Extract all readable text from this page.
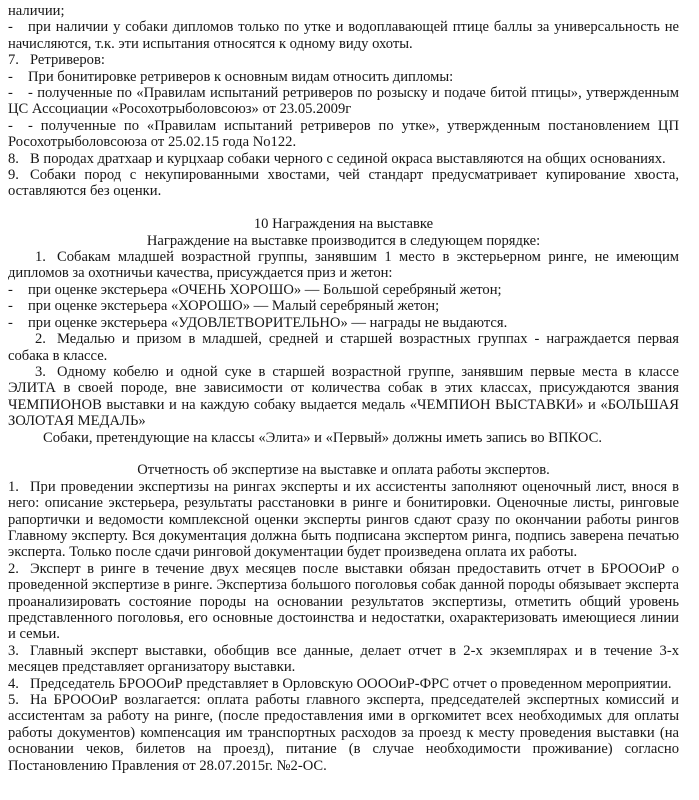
наличии;

- при наличии у собаки дипломов только по утке и водоплавающей птице баллы за универсальность не начисляются, т.к. эти испытания относятся к одному виду охоты.

7. Ретриверов:

- При бонитировке ретриверов к основным видам относить дипломы:

- - полученные по «Правилам испытаний ретриверов по розыску и подаче битой птицы», утвержденным ЦС Ассоциации «Росохотрыболовсоюз» от 23.05.2009г

- - полученные по «Правилам испытаний ретриверов по утке», утвержденным постановлением ЦП Росохотрыболовсоюза от 25.02.15 года No122.

8. В породах дратхаар и курцхаар собаки черного с сединой окраса выставляются на общих основаниях.

9. Собаки пород с некупированными хвостами, чей стандарт предусматривает купирование хвоста, оставляются без оценки.

10 Награждения на выставке

Награждение на выставке производится в следующем порядке:

1. Собакам младшей возрастной группы, занявшим 1 место в экстерьерном ринге, не имеющим дипломов за охотничьи качества, присуждается приз и жетон:

- при оценке экстерьера «ОЧЕНЬ ХОРОШО» — Большой серебряный жетон;

- при оценке экстерьера «ХОРОШО» — Малый серебряный жетон;

- при оценке экстерьера «УДОВЛЕТВОРИТЕЛЬНО» — награды не выдаются.

2. Медалью и призом в младшей, средней и старшей возрастных группах - награждается первая собака в классе.

3. Одному кобелю и одной суке в старшей возрастной группе, занявшим первые места в классе ЭЛИТА в своей породе, вне зависимости от количества собак в этих классах, присуждаются звания ЧЕМПИОНОВ выставки и на каждую собаку выдается медаль «ЧЕМПИОН ВЫСТАВКИ» и «БОЛЬШАЯ ЗОЛОТАЯ МЕДАЛЬ»

Собаки, претендующие на классы «Элита» и «Первый» должны иметь запись во ВПКОС.

Отчетность об экспертизе на выставке и оплата работы экспертов.

1. При проведении экспертизы на рингах эксперты и их ассистенты заполняют оценочный лист, внося в него: описание экстерьера, результаты расстановки в ринге и бонитировки. Оценочные листы, ринговые рапортички и ведомости комплексной оценки эксперты рингов сдают сразу по окончании работы рингов Главному эксперту. Вся документация должна быть подписана экспертом ринга, подпись заверена печатью эксперта. Только после сдачи ринговой документации будет произведена оплата их работы.

2. Эксперт в ринге в течение двух месяцев после выставки обязан предоставить отчет в БРОООиР о проведенной экспертизе в ринге. Экспертиза большого поголовья собак данной породы обязывает эксперта проанализировать состояние породы на основании результатов экспертизы, отметить общий уровень представленного поголовья, его основные достоинства и недостатки, охарактеризовать имеющиеся линии и семьи.

3. Главный эксперт выставки, обобщив все данные, делает отчет в 2-х экземплярах и в течение 3-х месяцев представляет организатору выставки.

4. Председатель БРОООиР представляет в Орловскую ООООиР-ФРС отчет о проведенном мероприятии.

5. На БРОООиР возлагается: оплата работы главного эксперта, председателей экспертных комиссий и ассистентам за работу на ринге, (после предоставления ими в оргкомитет всех необходимых для оплаты работы документов) компенсация им транспортных расходов за проезд к месту проведения выставки (на основании чеков, билетов на проезд), питание (в случае необходимости проживание) согласно Постановлению Правления от 28.07.2015г. №2-ОС.
